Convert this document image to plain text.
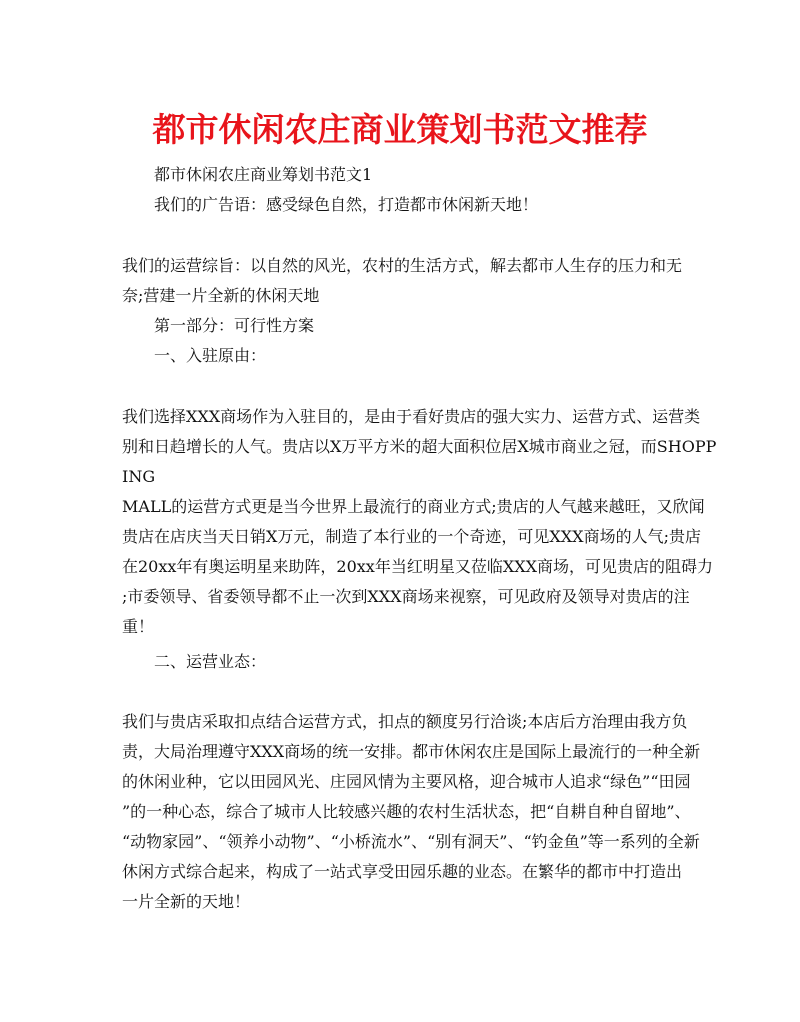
都市休闲农庄商业策划书范文推荐

都市休闲农庄商业筹划书范文1

我们的广告语：感受绿色自然，打造都市休闲新天地！

我们的运营综旨：以自然的风光，农村的生活方式，解去都市人生存的压力和无
奈;营建一片全新的休闲天地

第一部分：可行性方案

一、入驻原由：

我们选择XXX商场作为入驻目的，是由于看好贵店的强大实力、运营方式、运营类
别和日趋增长的人气。贵店以X万平方米的超大面积位居X城市商业之冠，而SHOPP
ING
MALL的运营方式更是当今世界上最流行的商业方式;贵店的人气越来越旺，又欣闻
贵店在店庆当天日销X万元，制造了本行业的一个奇迹，可见XXX商场的人气;贵店
在20xx年有奥运明星来助阵，20xx年当红明星又莅临XXX商场，可见贵店的阻碍力
;市委领导、省委领导都不止一次到XXX商场来视察，可见政府及领导对贵店的注
重！

二、运营业态：

我们与贵店采取扣点结合运营方式，扣点的额度另行洽谈;本店后方治理由我方负
责，大局治理遵守XXX商场的统一安排。都市休闲农庄是国际上最流行的一种全新
的休闲业种，它以田园风光、庄园风情为主要风格，迎合城市人追求“绿色”“田园
”的一种心态，综合了城市人比较感兴趣的农村生活状态，把“自耕自种自留地”、
“动物家园”、“领养小动物”、“小桥流水”、“别有洞天”、“钓金鱼”等一系列的全新
休闲方式综合起来，构成了一站式享受田园乐趣的业态。在繁华的都市中打造出
一片全新的天地！
